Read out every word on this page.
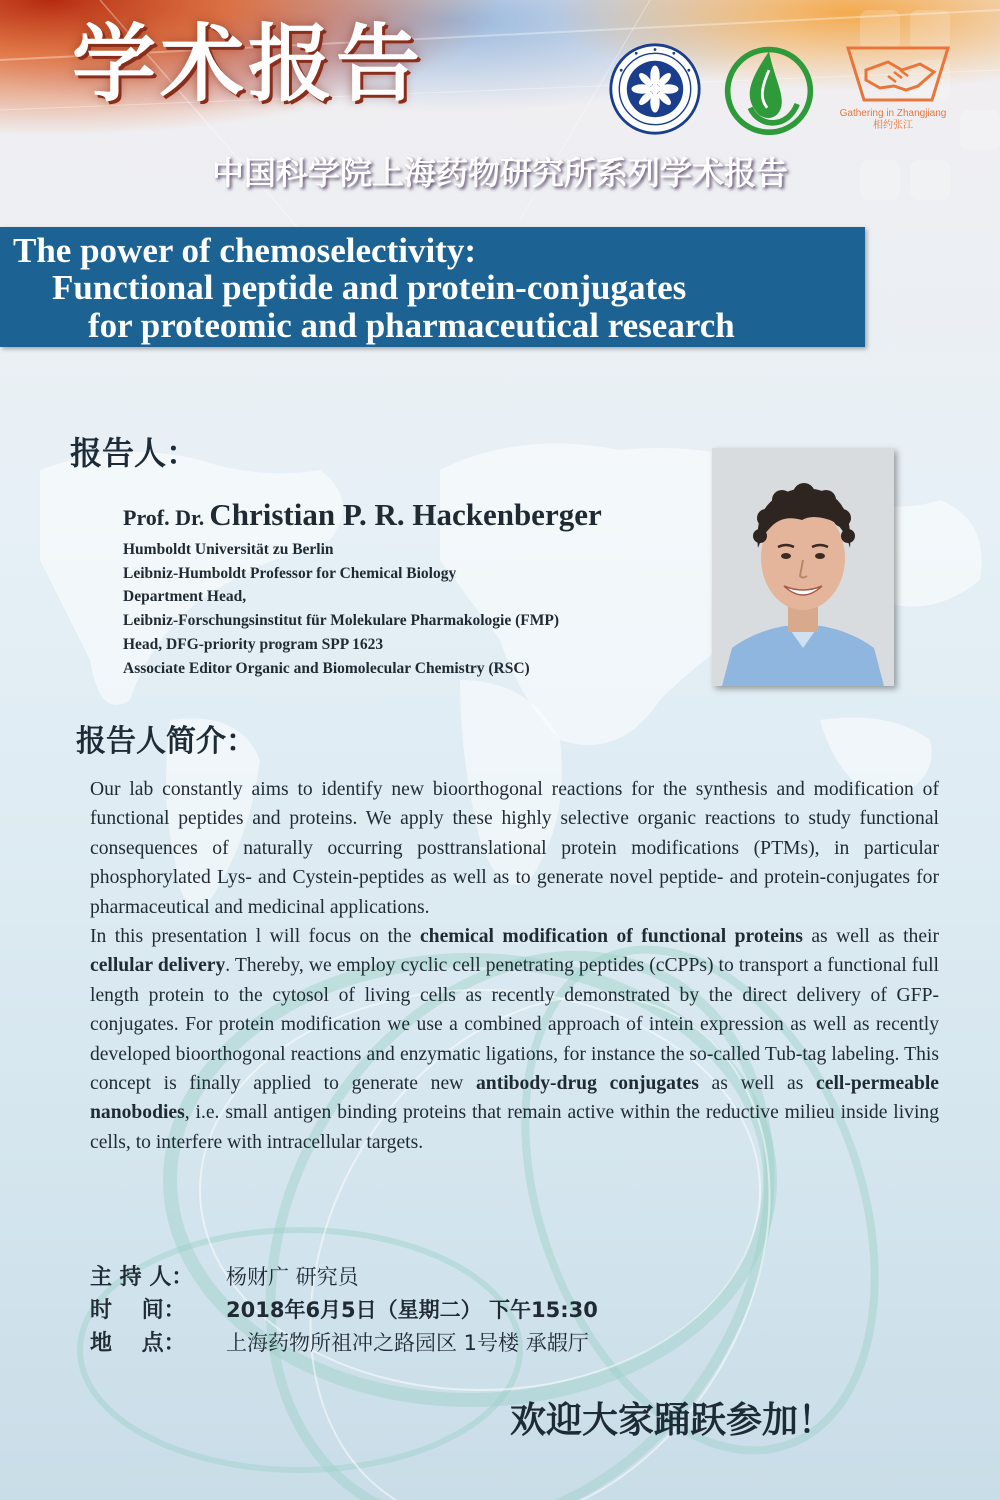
学术报告
Gathering in Zhangjiang
相约张江
中国科学院上海药物研究所系列学术报告
The power of chemoselectivity:
Functional peptide and protein-conjugates
for proteomic and pharmaceutical research
报告人：
Prof. Dr. Christian P. R. Hackenberger
Humboldt Universität zu Berlin
Leibniz-Humboldt Professor for Chemical Biology
Department Head,
Leibniz-Forschungsinstitut für Molekulare Pharmakologie (FMP)
Head, DFG-priority program SPP 1623
Associate Editor Organic and Biomolecular Chemistry (RSC)
报告人简介：

Our lab constantly aims to identify new bioorthogonal reactions for the synthesis and modification of functional peptides and proteins. We apply these highly selective organic reactions to study functional consequences of naturally occurring posttranslational protein modifications (PTMs), in particular phosphorylated Lys- and Cystein-peptides as well as to generate novel peptide- and protein-conjugates for pharmaceutical and medicinal applications.

In this presentation l will focus on the chemical modification of functional proteins as well as their cellular delivery. Thereby, we employ cyclic cell penetrating peptides (cCPPs) to transport a functional full length protein to the cytosol of living cells as recently demonstrated by the direct delivery of GFP-conjugates. For protein modification we use a combined approach of intein expression as well as recently developed bioorthogonal reactions and enzymatic ligations, for instance the so-called Tub-tag labeling. This concept is finally applied to generate new antibody-drug conjugates as well as cell-permeable nanobodies, i.e. small antigen binding proteins that remain active within the reductive milieu inside living cells, to interfere with intracellular targets.

主 持 人： 杨财广 研究员
时　 间： 2018年6月5日（星期二） 下午15:30
地　 点： 上海药物所祖冲之路园区 1号楼 承嘏厅
欢迎大家踊跃参加！
